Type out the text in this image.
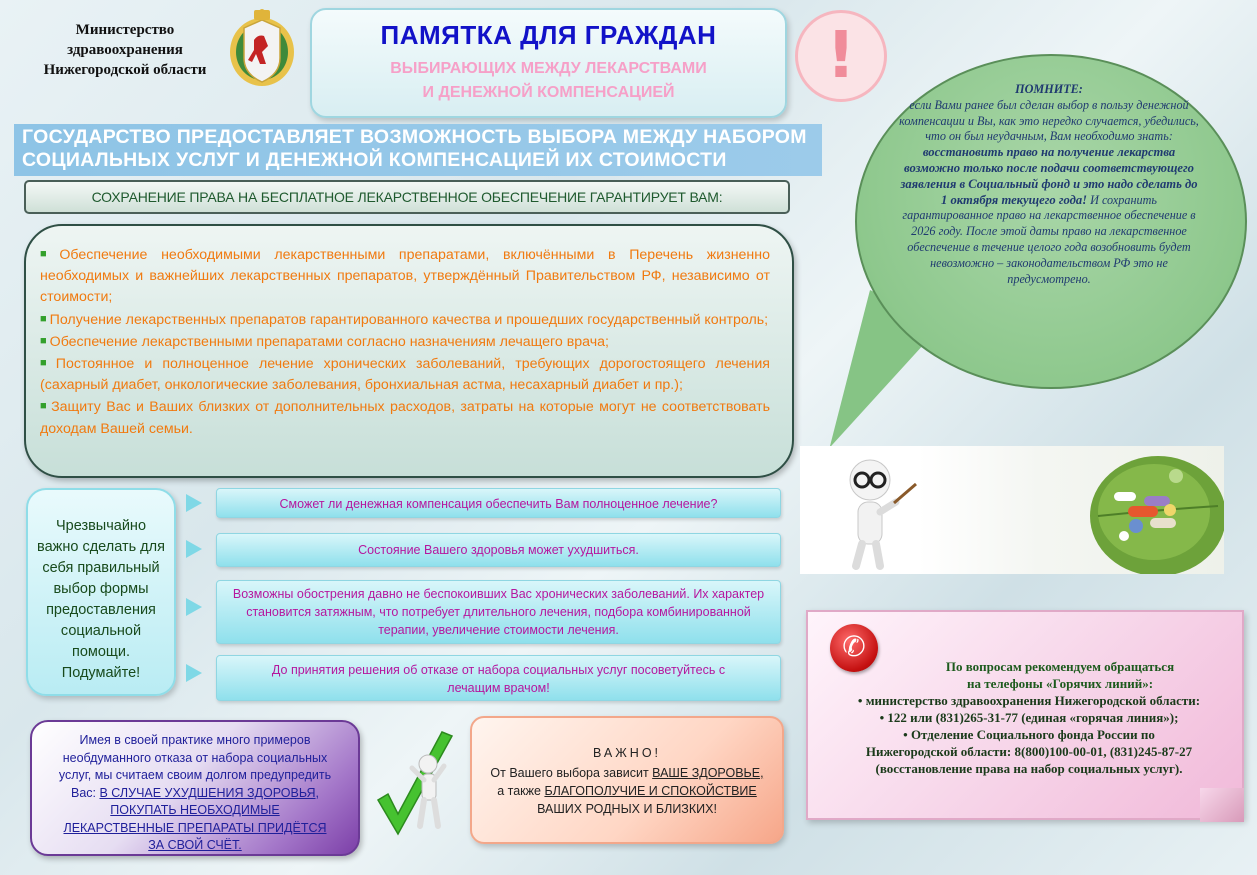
Министерство здравоохранения
Нижегородской области
ПАМЯТКА ДЛЯ ГРАЖДАН
ВЫБИРАЮЩИХ МЕЖДУ ЛЕКАРСТВАМИ
И ДЕНЕЖНОЙ КОМПЕНСАЦИЕЙ	!
ГОСУДАРСТВО ПРЕДОСТАВЛЯЕТ ВОЗМОЖНОСТЬ ВЫБОРА МЕЖДУ НАБОРОМ
СОЦИАЛЬНЫХ УСЛУГ И ДЕНЕЖНОЙ КОМПЕНСАЦИЕЙ ИХ СТОИМОСТИ
СОХРАНЕНИЕ ПРАВА НА БЕСПЛАТНОЕ ЛЕКАРСТВЕННОЕ ОБЕСПЕЧЕНИЕ ГАРАНТИРУЕТ ВАМ:

■ Обеспечение необходимыми лекарственными препаратами, включёнными в Перечень жизненно необходимых и важнейших лекарственных препаратов, утверждённый Правительством РФ, независимо от стоимости;

■ Получение лекарственных препаратов гарантированного качества и прошедших государственный контроль;

■ Обеспечение лекарственными препаратами согласно назначениям лечащего врача;

■ Постоянное и полноценное лечение хронических заболеваний, требующих дорогостоящего лечения (сахарный диабет, онкологические заболевания, бронхиальная астма, несахарный диабет и пр.);

■ Защиту Вас и Ваших близких от дополнительных расходов, затраты на которые могут не соответствовать доходам Вашей семьи.

Чрезвычайно
важно сделать для
себя правильный
выбор формы
предоставления
социальной
помощи.
Подумайте!
Сможет ли денежная компенсация обеспечить Вам полноценное лечение?
Состояние Вашего здоровья может ухудшиться.
Возможны обострения давно не беспокоивших Вас хронических заболеваний. Их характер становится затяжным, что потребует длительного лечения, подбора комбинированной терапии, увеличение стоимости лечения.
До принятия решения об отказе от набора социальных услуг посоветуйтесь с лечащим врачом!
Имея в своей практике много примеров необдуманного отказа от набора социальных услуг, мы считаем своим долгом предупредить Вас: В СЛУЧАЕ УХУДШЕНИЯ ЗДОРОВЬЯ, ПОКУПАТЬ НЕОБХОДИМЫЕ ЛЕКАРСТВЕННЫЕ ПРЕПАРАТЫ ПРИДЁТСЯ ЗА СВОЙ СЧЁТ.
ВАЖНО!
От Вашего выбора зависит ВАШЕ ЗДОРОВЬЕ,
а также БЛАГОПОЛУЧИЕ И СПОКОЙСТВИЕ
ВАШИХ РОДНЫХ И БЛИЗКИХ!
ПОМНИТЕ:
если Вами ранее был сделан выбор в пользу денежной компенсации и Вы, как это нередко случается, убедились, что он был неудачным, Вам необходимо знать: восстановить право на получение лекарства возможно только после подачи соответствующего заявления в Социальный фонд и это надо сделать до 1 октября текущего года! И сохранить гарантированное право на лекарственное обеспечение в 2026 году. После этой даты право на лекарственное обеспечение в течение целого года возобновить будет невозможно – законодательством РФ это не предусмотрено.
По вопросам рекомендуем обращаться
на телефоны «Горячих линий»:
• министерство здравоохранения Нижегородской области:
• 122 или (831)265-31-77 (единая «горячая линия»);
• Отделение Социального фонда России по
Нижегородской области: 8(800)100-00-01, (831)245-87-27
(восстановление права на набор социальных услуг).
✆
